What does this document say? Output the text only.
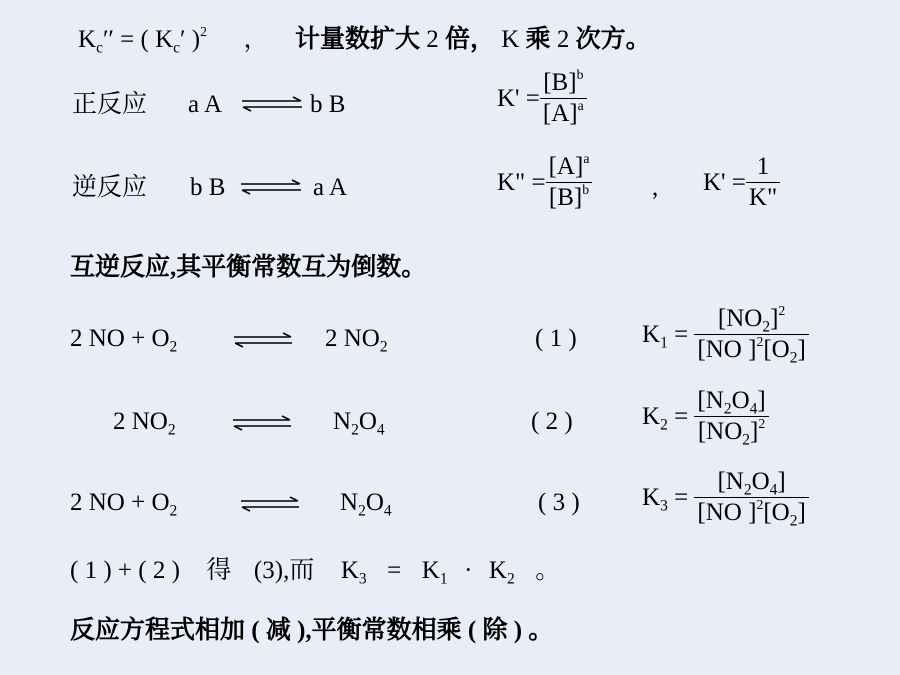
$K_c''$ = ( $K_c'$ )$^2$ ， 计量数扩大 2 倍， K 乘 2 次方。
正反应 a A	b B	$K' = \frac{[B]^b}{[A]^a}$
逆反应 b B	a A	K" = $\frac{[A]^a}{[B]^b}$ , $K' = \frac{1}{K"}$
互逆反应,其平衡常数互为倒数。
2 NO + $O_2$	2 $NO_2$	( 1 )	$K_1 = \frac{[NO_2]^2}{[NO ]^2[O_2]}$
2 $NO_2$	$N_2O_4$	( 2 )	$K_2 = \frac{[N_2O_4]}{[NO_2]^2}$
2 NO + $O_2$	$N_2O_4$	( 3 ) $K_3 = \frac{[N_2O_4]}{[NO ]^2[O_2]}$
( 1 ) + ( 2 ) 得 (3),而 $K_3 = K_1 \cdot K_2$ 。
反应方程式相加 ( 减 ),平衡常数相乘 ( 除 ) 。
